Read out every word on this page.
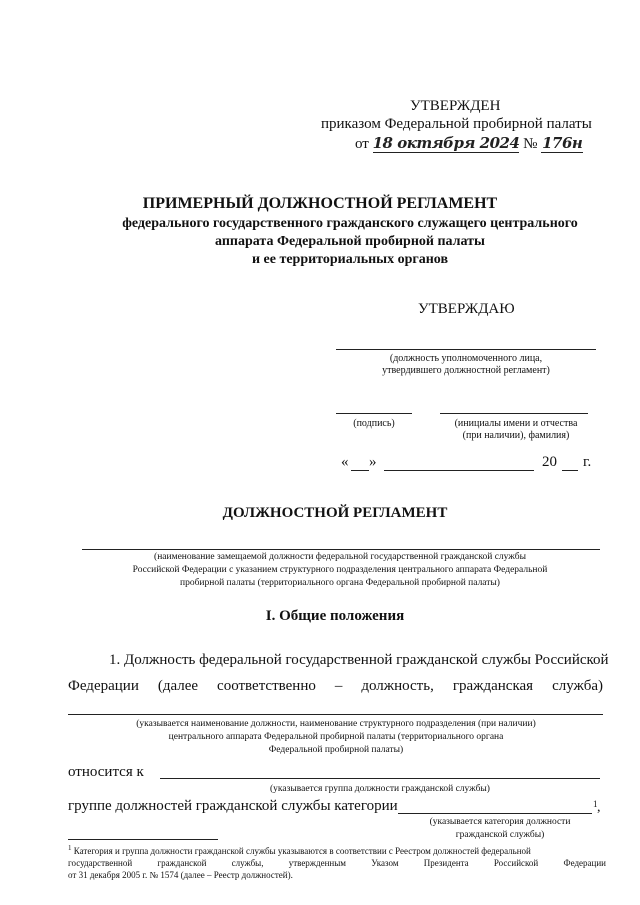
УТВЕРЖДЕН
приказом Федеральной пробирной палаты
от 18 октября 2024 № 176н
ПРИМЕРНЫЙ ДОЛЖНОСТНОЙ РЕГЛАМЕНТ
федерального государственного гражданского служащего центрального
аппарата Федеральной пробирной палаты
и ее территориальных органов
УТВЕРЖДАЮ
(должность уполномоченного лица,
утвердившего должностной регламент)
(подпись)	(инициалы имени и отчества
(при наличии), фамилия)
« »	20 г.
ДОЛЖНОСТНОЙ РЕГЛАМЕНТ
(наименование замещаемой должности федеральной государственной гражданской службы
Российской Федерации с указанием структурного подразделения центрального аппарата Федеральной
пробирной палаты (территориального органа Федеральной пробирной палаты)
I. Общие положения
1. Должность федеральной государственной гражданской службы Российской
Федерации (далее соответственно – должность, гражданская служба)
(указывается наименование должности, наименование структурного подразделения (при наличии)
центрального аппарата Федеральной пробирной палаты (территориального органа
Федеральной пробирной палаты)
относится к
(указывается группа должности гражданской службы)
группе должностей гражданской службы категории	1 ,
(указывается категория должности
гражданской службы)
$^1$ Категория и группа должности гражданской службы указываются в соответствии с Реестром должностей федеральной
государственной	гражданской	службы,	утвержденным	Указом	Президента	Российской	Федерации
от 31 декабря 2005 г. № 1574 (далее – Реестр должностей).
